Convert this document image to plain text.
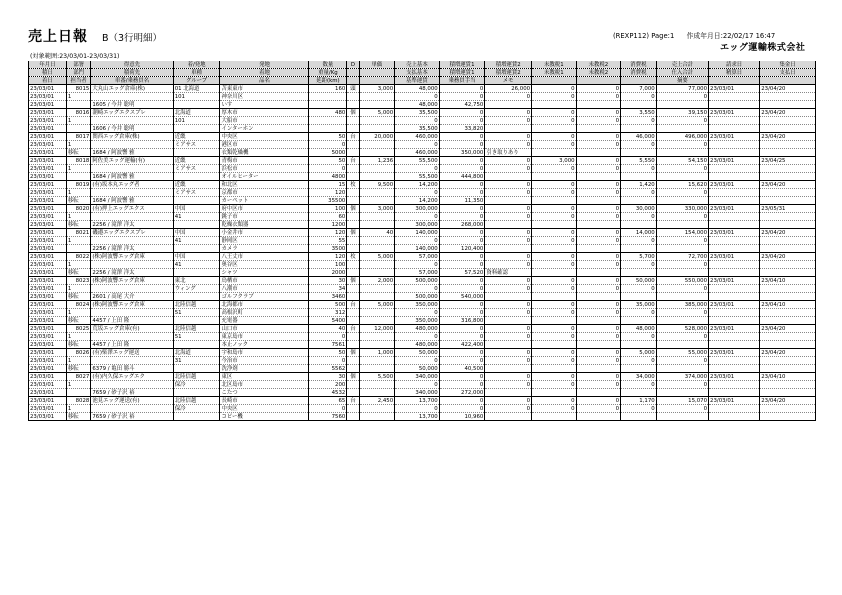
売上日報 B（3行明細）	(REXP112) Page:1 作成年月日:22/02/17 16:47
エッグ運輸株式会社
(対象範囲:23/03/01-23/03/31)
年月日	部署	得意先	着/発地	発地	数量	D	単価	売上基本	積増運賃1	積増運賃2	未教税1	未教税2	消費税	売上合計	請求日	集金日
積日	部門	積荷先	車種	着地	重量/Kg			支払基本	積増運賃1	積増運賃2	未教税1	未教税2	消費税	仕入合計	精算日	支払日
着日	担当者	車番/乗務員名	グループ	品名	延距(km)			基準運賃	乗務員手当	メモ				摘要		
23/03/01	8015	大丸山エッグ倉庫(株)	01 北海道	苫東東市	160	頭	3,000	48,000	0	26,000	0	0	7,000	77,000	23/03/01	23/04/20
23/03/01	1		101	神奈川区				0	0	0	0	0	0	0		
23/03/01		1605 / 今井 聡明		いす				48,000	42,750							
23/03/01	8016	潮崎エッグエクスプレ	北海道	厚木市	480	個	5,000	35,500	0	0	0	0	3,550	39,150	23/03/01	23/04/20
23/03/01	1		101	大船市				0	0	0	0	0	0	0		
23/03/01		1606 / 今井 聡明		インターホン				35,500	33,820							
23/03/01	8017	関西エッグ倉庫(株)	近畿	中央区	50	台	20,000	460,000	0	0	0	0	46,000	496,000	23/03/01	23/04/20
23/03/01	1		ミアサス	港区市	0			0	0	0	0	0	0	0		
23/03/01	移転	1684 / 阿波響 雅		衣類乾燥機	5000			460,000	350,000	引き取りあり						
23/03/01	8018	阿佐美エッグ運輸(有)	近畿	青梅市	50	台	1,236	55,500	0	0	3,000	0	5,550	54,150	23/03/01	23/04/25
23/03/01	1		ミアサス	浜松市	0			0	0	0	0	0	0	0		
23/03/01		1684 / 阿波響 雅		オイルヒーター	4800			55,500	444,800							
23/03/01	8019	(有)坂本丸エッグ者	近畿	和北区	15	枚	9,500	14,200	0	0	0	0	1,420	15,620	23/03/01	23/04/20
23/03/01	1		ミアサス	京都市	120			0	0	0	0	0	0	0		
23/03/01	移転	1684 / 阿波響 雅		カーペット	35500			14,200	11,350							
23/03/01	8020	(有)押上エッグエクス	中国	府中区市	100	個	3,000	300,000	0	0	0	0	30,000	330,000	23/03/01	23/05/31
23/03/01	1		41	銚子市	60			0	0	0	0	0	0	0		
23/03/01	移転	2256 / 滝澤 洋太		乾燥衣類器	1200			300,000	268,000							
23/03/01	8021	磯邉エッグエクスプレ	中国	小金井市	120	個	40	140,000	0	0	0	0	14,000	154,000	23/03/01	23/04/20
23/03/01	1		41	静岡区	55			0	0	0	0	0	0	0		
23/03/01		2256 / 滝澤 洋太		カメラ	3500			140,000	120,400							
23/03/01	8022	(株)阿波響エッグ倉庫	中国	八王丈市	120	枚	5,000	57,000	0	0	0	0	5,700	72,700	23/03/01	23/04/20
23/03/01	1		41	奥谷区	100			0	0	0	0	0	0	0		
23/03/01	移転	2256 / 滝澤 洋太		シャツ	2000			57,000	57,520	資料確認						
23/03/01	8023	(株)阿波響エッグ倉庫	東北	鳥栖市	30	個	2,000	500,000	0	0	0	0	50,000	550,000	23/03/01	23/04/10
23/03/01	1		ウィング	八潮市	34			0	0	0	0	0	0	0		
23/03/01	移転	2601 / 高尾 大介		ゴルフクラブ	3460			500,000	540,000							
23/03/01	8024	(株)阿波響エッグ倉庫	北陸信越	北海都市	500	台	5,000	350,000	0	0	0	0	35,000	385,000	23/03/01	23/04/10
23/03/01	1		51	高根沢町	312			0	0	0	0	0	0	0		
23/03/01	移転	4457 / 上田 隆		充電器	5400			350,000	316,800							
23/03/01	8025	荒坂エッグ倉庫(有)	北陸信越	山口市	40	台	12,000	480,000	0	0	0	0	48,000	528,000	23/03/01	23/04/20
23/03/01	1		51	東京島市	0			0	0	0	0	0	0	0		
23/03/01	移転	4457 / 上田 隆		本止ノック	7561			480,000	422,400							
23/03/01	8026	(有)柴澤エッグ運送	北海道	宇和島市	50	個	1,000	50,000	0	0	0	0	5,000	55,000	23/03/01	23/04/20
23/03/01	1		31	今治市	0			0	0	0	0	0	0	0		
23/03/01	移転	6379 / 亀田 勝斗		洗浄剤	5562			50,000	40,500							
23/03/01	8027	(有)内久保エッグエク	北陸信越	東区	30	個	5,500	340,000	0	0	0	0	34,000	374,000	23/03/01	23/04/10
23/03/01	1		保冷	北区島市	200			0	0	0	0	0	0	0		
23/03/01		7659 / 砂子沢 裕		こたつ	4532			340,000	272,000							
23/03/01	8028	池見エッグ運送(有)	北陸信越	長崎市	65	台	2,450	13,700	0	0	0	0	1,170	15,070	23/03/01	23/04/20
23/03/01	1		保冷	中央区	0			0	0	0	0	0	0	0		
23/03/01	移転	7659 / 砂子沢 裕		コピー機	7560			13,700	10,960							
